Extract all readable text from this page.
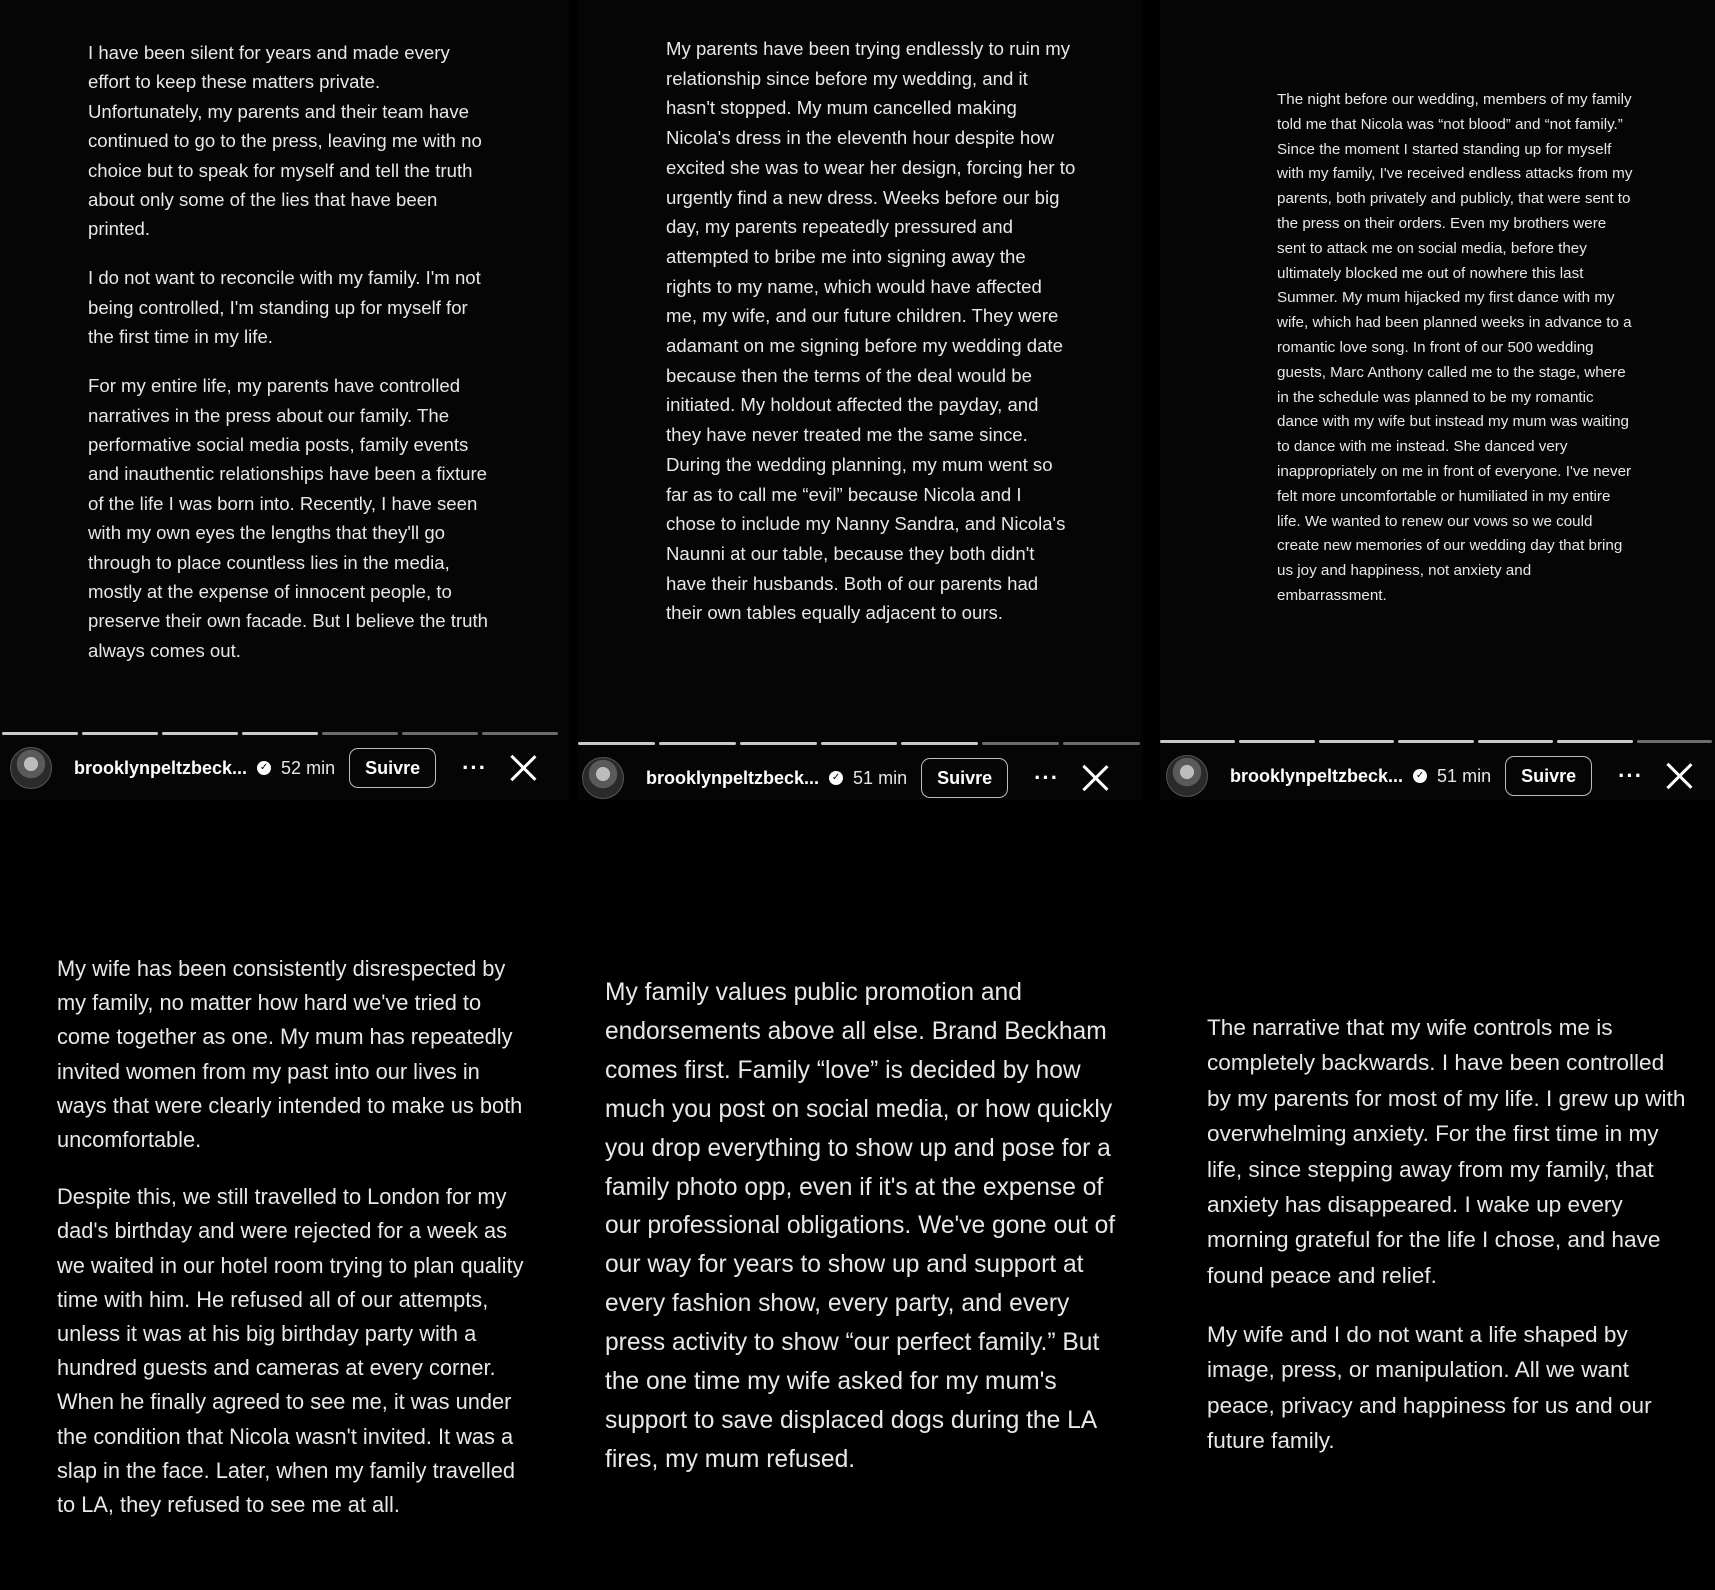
I have been silent for years and made every effort to keep these matters private. Unfortunately, my parents and their team have continued to go to the press, leaving me with no choice but to speak for myself and tell the truth about only some of the lies that have been printed.

I do not want to reconcile with my family. I'm not being controlled, I'm standing up for myself for the first time in my life.

For my entire life, my parents have controlled narratives in the press about our family. The performative social media posts, family events and inauthentic relationships have been a fixture of the life I was born into. Recently, I have seen with my own eyes the lengths that they'll go through to place countless lies in the media, mostly at the expense of innocent people, to preserve their own facade. But I believe the truth always comes out.

brooklynpeltzbeck... ✓ 52 min	Suivre	···

My parents have been trying endlessly to ruin my relationship since before my wedding, and it hasn't stopped. My mum cancelled making Nicola's dress in the eleventh hour despite how excited she was to wear her design, forcing her to urgently find a new dress. Weeks before our big day, my parents repeatedly pressured and attempted to bribe me into signing away the rights to my name, which would have affected me, my wife, and our future children. They were adamant on me signing before my wedding date because then the terms of the deal would be initiated. My holdout affected the payday, and they have never treated me the same since. During the wedding planning, my mum went so far as to call me “evil” because Nicola and I chose to include my Nanny Sandra, and Nicola's Naunni at our table, because they both didn't have their husbands. Both of our parents had their own tables equally adjacent to ours.

brooklynpeltzbeck... ✓ 51 min	Suivre	···

The night before our wedding, members of my family told me that Nicola was “not blood” and “not family.” Since the moment I started standing up for myself with my family, I've received endless attacks from my parents, both privately and publicly, that were sent to the press on their orders. Even my brothers were sent to attack me on social media, before they ultimately blocked me out of nowhere this last Summer. My mum hijacked my first dance with my wife, which had been planned weeks in advance to a romantic love song. In front of our 500 wedding guests, Marc Anthony called me to the stage, where in the schedule was planned to be my romantic dance with my wife but instead my mum was waiting to dance with me instead. She danced very inappropriately on me in front of everyone. I've never felt more uncomfortable or humiliated in my entire life. We wanted to renew our vows so we could create new memories of our wedding day that bring us joy and happiness, not anxiety and embarrassment.

brooklynpeltzbeck... ✓ 51 min	Suivre	···

My wife has been consistently disrespected by my family, no matter how hard we've tried to come together as one. My mum has repeatedly invited women from my past into our lives in ways that were clearly intended to make us both uncomfortable.

Despite this, we still travelled to London for my dad's birthday and were rejected for a week as we waited in our hotel room trying to plan quality time with him. He refused all of our attempts, unless it was at his big birthday party with a hundred guests and cameras at every corner. When he finally agreed to see me, it was under the condition that Nicola wasn't invited. It was a slap in the face. Later, when my family travelled to LA, they refused to see me at all.

My family values public promotion and endorsements above all else. Brand Beckham comes first. Family “love” is decided by how much you post on social media, or how quickly you drop everything to show up and pose for a family photo opp, even if it's at the expense of our professional obligations. We've gone out of our way for years to show up and support at every fashion show, every party, and every press activity to show “our perfect family.” But the one time my wife asked for my mum's support to save displaced dogs during the LA fires, my mum refused.

The narrative that my wife controls me is completely backwards. I have been controlled by my parents for most of my life. I grew up with overwhelming anxiety. For the first time in my life, since stepping away from my family, that anxiety has disappeared. I wake up every morning grateful for the life I chose, and have found peace and relief.

My wife and I do not want a life shaped by image, press, or manipulation. All we want peace, privacy and happiness for us and our future family.
